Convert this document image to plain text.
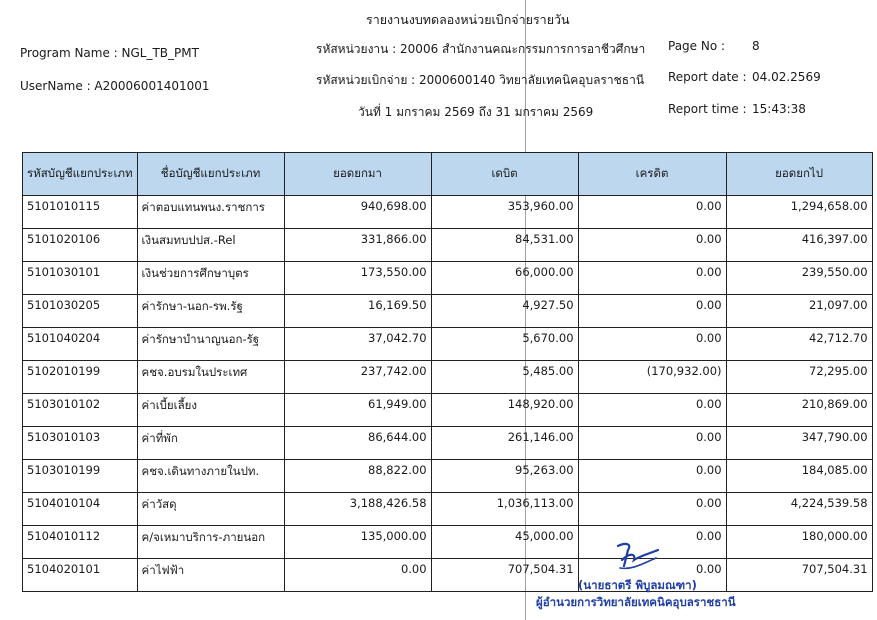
รายงานงบทดลองหน่วยเบิกจ่ายรายวัน
Program Name : NGL_TB_PMT
UserName : A20006001401001
รหัสหน่วยงาน : 20006 สำนักงานคณะกรรมการการอาชีวศึกษา
รหัสหน่วยเบิกจ่าย : 2000600140 วิทยาลัยเทคนิคอุบลราชธานี
วันที่ 1 มกราคม 2569 ถึง 31 มกราคม 2569
Page No : 8
Report date : 04.02.2569
Report time : 15:43:38
รหัสบัญชีแยกประเภท	ชื่อบัญชีแยกประเภท	ยอดยกมา	เดบิต	เครดิต	ยอดยกไป
5101010115	ค่าตอบแทนพนง.ราชการ	940,698.00	353,960.00	0.00	1,294,658.00
5101020106	เงินสมทบปปส.-Rel	331,866.00	84,531.00	0.00	416,397.00
5101030101	เงินช่วยการศึกษาบุตร	173,550.00	66,000.00	0.00	239,550.00
5101030205	ค่ารักษา-นอก-รพ.รัฐ	16,169.50	4,927.50	0.00	21,097.00
5101040204	ค่ารักษาบำนาญนอก-รัฐ	37,042.70	5,670.00	0.00	42,712.70
5102010199	คชจ.อบรมในประเทศ	237,742.00	5,485.00	(170,932.00)	72,295.00
5103010102	ค่าเบี้ยเลี้ยง	61,949.00	148,920.00	0.00	210,869.00
5103010103	ค่าที่พัก	86,644.00	261,146.00	0.00	347,790.00
5103010199	คชจ.เดินทางภายในปท.	88,822.00	95,263.00	0.00	184,085.00
5104010104	ค่าวัสดุ	3,188,426.58	1,036,113.00	0.00	4,224,539.58
5104010112	ค/จเหมาบริการ-ภายนอก	135,000.00	45,000.00	0.00	180,000.00
5104020101	ค่าไฟฟ้า	0.00	707,504.31	0.00	707,504.31
(นายธาตรี พิบูลมณฑา)
ผู้อำนวยการวิทยาลัยเทคนิคอุบลราชธานี
